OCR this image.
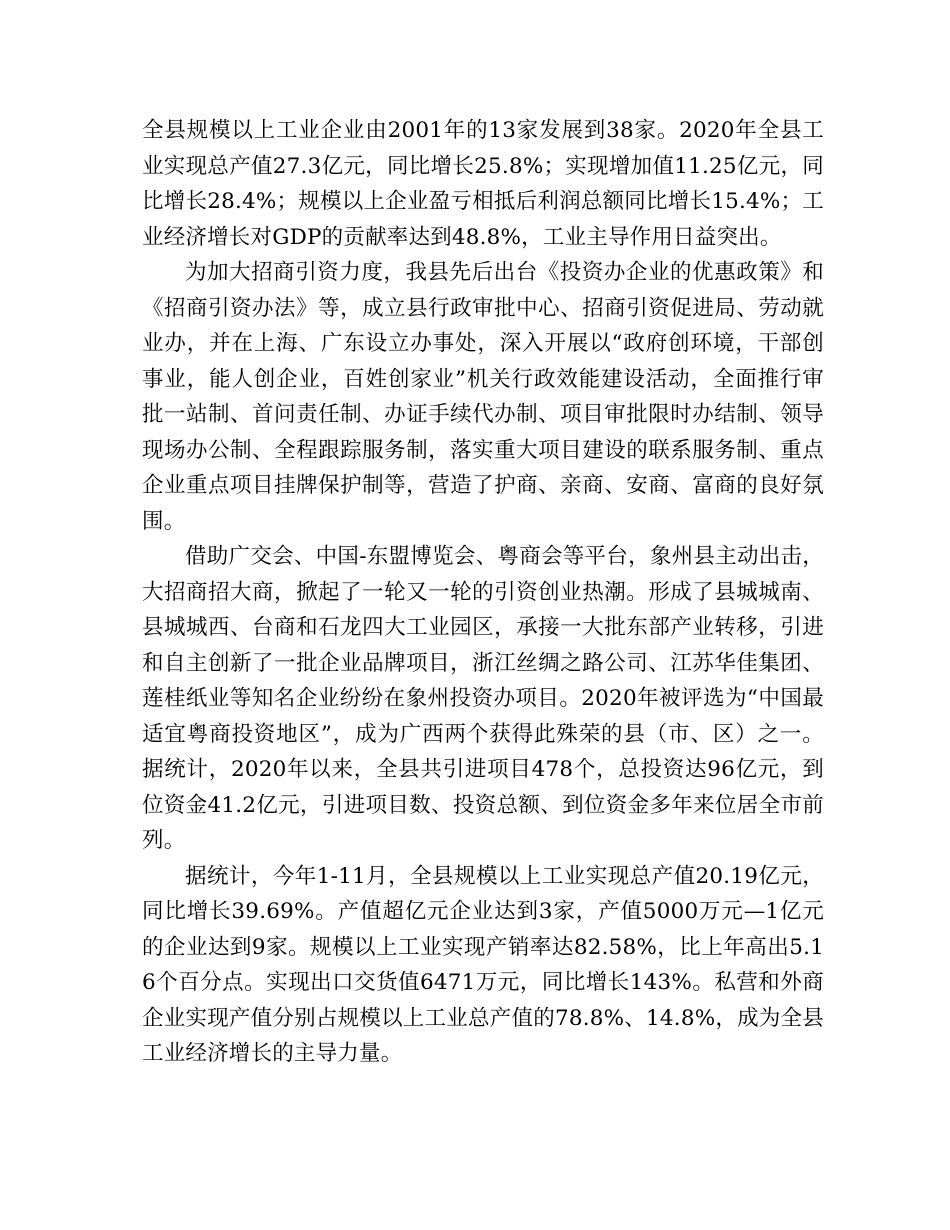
全县规模以上工业企业由2001年的13家发展到38家。2020年全县工业实现总产值27.3亿元，同比增长25.8%；实现增加值11.25亿元，同比增长28.4%；规模以上企业盈亏相抵后利润总额同比增长15.4%；工业经济增长对GDP的贡献率达到48.8%，工业主导作用日益突出。

为加大招商引资力度，我县先后出台《投资办企业的优惠政策》和《招商引资办法》等，成立县行政审批中心、招商引资促进局、劳动就业办，并在上海、广东设立办事处，深入开展以“政府创环境，干部创事业，能人创企业，百姓创家业”机关行政效能建设活动，全面推行审批一站制、首问责任制、办证手续代办制、项目审批限时办结制、领导现场办公制、全程跟踪服务制，落实重大项目建设的联系服务制、重点企业重点项目挂牌保护制等，营造了护商、亲商、安商、富商的良好氛围。

借助广交会、中国-东盟博览会、粤商会等平台，象州县主动出击，大招商招大商，掀起了一轮又一轮的引资创业热潮。形成了县城城南、县城城西、台商和石龙四大工业园区，承接一大批东部产业转移，引进和自主创新了一批企业品牌项目，浙江丝绸之路公司、江苏华佳集团、莲桂纸业等知名企业纷纷在象州投资办项目。2020年被评选为“中国最适宜粤商投资地区”，成为广西两个获得此殊荣的县（市、区）之一。据统计，2020年以来，全县共引进项目478个，总投资达96亿元，到位资金41.2亿元，引进项目数、投资总额、到位资金多年来位居全市前列。

据统计，今年1-11月，全县规模以上工业实现总产值20.19亿元，同比增长39.69%。产值超亿元企业达到3家，产值5000万元—1亿元的企业达到9家。规模以上工业实现产销率达82.58%，比上年高出5.16个百分点。实现出口交货值6471万元，同比增长143%。私营和外商企业实现产值分别占规模以上工业总产值的78.8%、14.8%，成为全县工业经济增长的主导力量。
